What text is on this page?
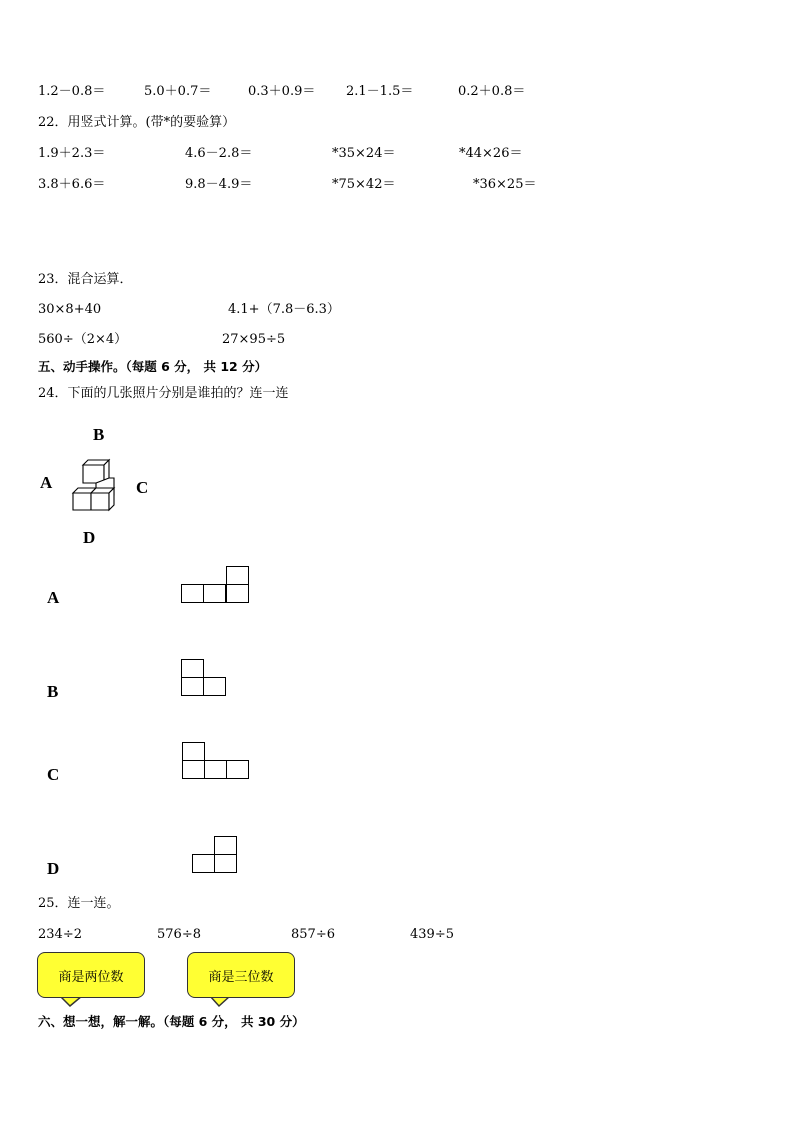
1.2－0.8＝	5.0＋0.7＝	0.3＋0.9＝ 2.1－1.5＝	0.2＋0.8＝
22．用竖式计算。(带*的要验算）
1.9＋2.3＝	4.6－2.8＝	*35×24＝	*44×26＝
3.8＋6.6＝	9.8－4.9＝	*75×42＝	*36×25＝
23．混合运算．
30×8+40	4.1+（7.8－6.3）
560÷（2×4）	27×95÷5
五、动手操作。（每题 6 分， 共 12 分）
24．下面的几张照片分别是谁拍的？连一连
B
A	C
D
A
B
C
D
25．连一连。
234÷2	576÷8	857÷6	439÷5
商是两位数	商是三位数
六、想一想，解一解。（每题 6 分， 共 30 分）
